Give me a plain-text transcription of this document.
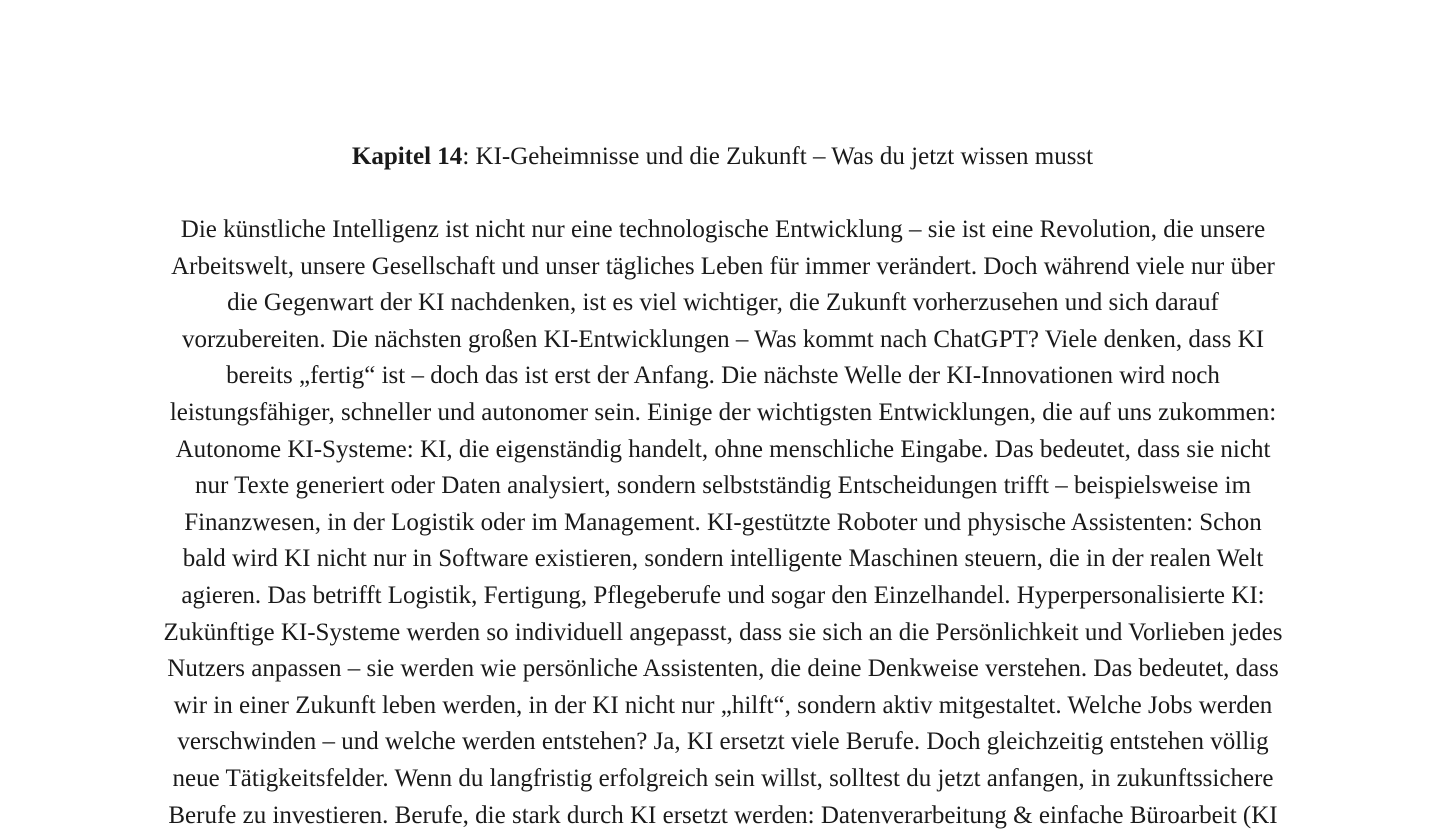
Kapitel 14: KI-Geheimnisse und die Zukunft – Was du jetzt wissen musst
Die künstliche Intelligenz ist nicht nur eine technologische Entwicklung – sie ist eine Revolution, die unsere
Arbeitswelt, unsere Gesellschaft und unser tägliches Leben für immer verändert. Doch während viele nur über
die Gegenwart der KI nachdenken, ist es viel wichtiger, die Zukunft vorherzusehen und sich darauf
vorzubereiten. Die nächsten großen KI-Entwicklungen – Was kommt nach ChatGPT? Viele denken, dass KI
bereits „fertig“ ist – doch das ist erst der Anfang. Die nächste Welle der KI-Innovationen wird noch
leistungsfähiger, schneller und autonomer sein. Einige der wichtigsten Entwicklungen, die auf uns zukommen:
Autonome KI-Systeme: KI, die eigenständig handelt, ohne menschliche Eingabe. Das bedeutet, dass sie nicht
nur Texte generiert oder Daten analysiert, sondern selbstständig Entscheidungen trifft – beispielsweise im
Finanzwesen, in der Logistik oder im Management. KI-gestützte Roboter und physische Assistenten: Schon
bald wird KI nicht nur in Software existieren, sondern intelligente Maschinen steuern, die in der realen Welt
agieren. Das betrifft Logistik, Fertigung, Pflegeberufe und sogar den Einzelhandel. Hyperpersonalisierte KI:
Zukünftige KI-Systeme werden so individuell angepasst, dass sie sich an die Persönlichkeit und Vorlieben jedes
Nutzers anpassen – sie werden wie persönliche Assistenten, die deine Denkweise verstehen. Das bedeutet, dass
wir in einer Zukunft leben werden, in der KI nicht nur „hilft“, sondern aktiv mitgestaltet. Welche Jobs werden
verschwinden – und welche werden entstehen? Ja, KI ersetzt viele Berufe. Doch gleichzeitig entstehen völlig
neue Tätigkeitsfelder. Wenn du langfristig erfolgreich sein willst, solltest du jetzt anfangen, in zukunftssichere
Berufe zu investieren. Berufe, die stark durch KI ersetzt werden: Datenverarbeitung & einfache Büroarbeit (KI
